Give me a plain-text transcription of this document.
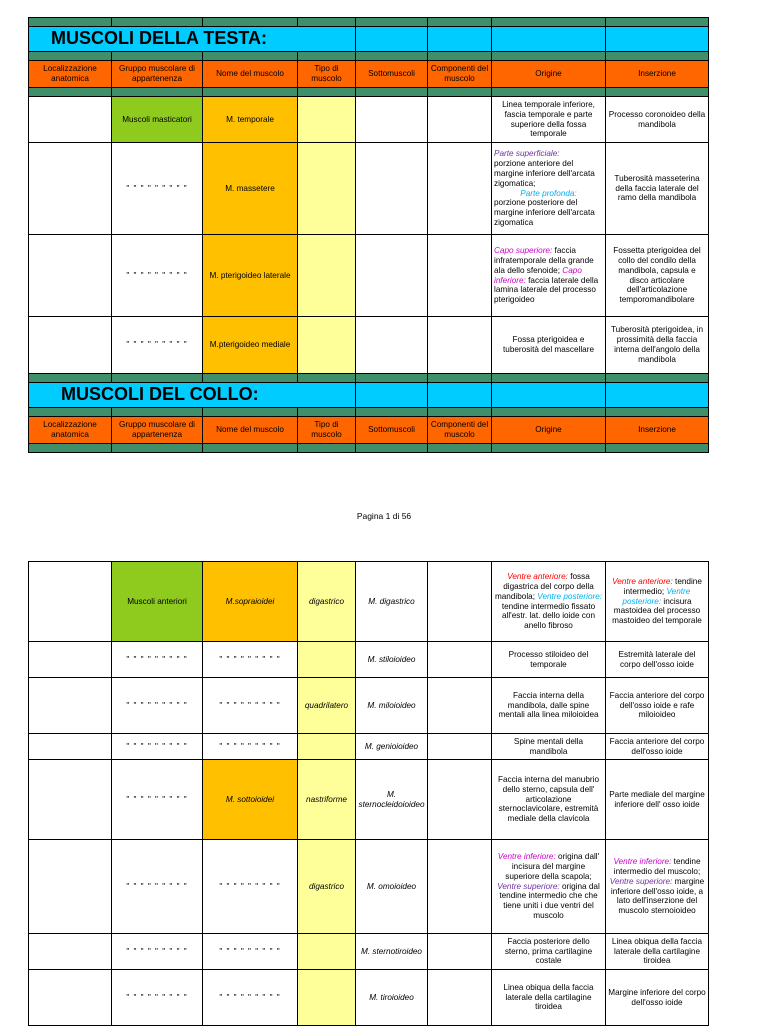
MUSCOLI DELLA TESTA:							

Localizzazione anatomica	Gruppo muscolare di appartenenza	Nome del muscolo	Tipo di muscolo	Sottomuscoli	Componenti del muscolo	Origine	Inserzione

	Muscoli masticatori	M. temporale				Linea temporale inferiore, fascia temporale e parte superiore della fossa temporale	Processo coronoideo della mandibola
	" " " " " " " " "	M. massetere				Parte superficiale:
porzione anteriore del margine inferiore dell'arcata zigomatica;

Parte profonda:
porzione posteriore del margine inferiore dell'arcata zigomatica	Tuberosità masseterina della faccia laterale del ramo della mandibola
	" " " " " " " " "	M. pterigoideo laterale				Capo superiore: faccia infratemporale della grande ala dello sfenoide; Capo inferiore: faccia laterale della lamina laterale del processo pterigoideo	Fossetta pterigoidea del collo del condilo della mandibola, capsula e disco articolare dell'articolazione temporomandibolare
	" " " " " " " " "	M.pterigoideo mediale				Fossa pterigoidea e tuberosità del mascellare	Tuberosità pterigoidea, in prossimità della faccia interna dell'angolo della mandibola

MUSCOLI DEL COLLO:							

Localizzazione anatomica	Gruppo muscolare di appartenenza	Nome del muscolo	Tipo di muscolo	Sottomuscoli	Componenti del muscolo	Origine	Inserzione

Pagina 1 di 56
	Muscoli anteriori	M.sopraioidei	digastrico	M. digastrico		Ventre anteriore: fossa digastrica del corpo della mandibola; Ventre posteriore: tendine intermedio fissato all'estr. lat. dello ioide con anello fibroso	Ventre anteriore: tendine intermedio; Ventre posteriore: incisura mastoidea del processo mastoideo del temporale
	" " " " " " " " "	" " " " " " " " "		M. stiloioideo		Processo stiloideo del temporale	Estremità laterale del corpo dell'osso ioide
	" " " " " " " " "	" " " " " " " " "	quadrilatero	M. miloioideo		Faccia interna della mandibola, dalle spine mentali alla linea miloioidea	Faccia anteriore del corpo dell'osso ioide e rafe miloioideo
	" " " " " " " " "	" " " " " " " " "		M. genioioideo		Spine mentali della mandibola	Faccia anteriore del corpo dell'osso ioide
	" " " " " " " " "	M. sottoioidei	nastriforme	M. sternocleidoioideo		Faccia interna del manubrio dello sterno, capsula dell' articolazione sternoclavicolare, estremità mediale della clavicola	Parte mediale del margine inferiore dell' osso ioide
	" " " " " " " " "	" " " " " " " " "	digastrico	M. omoioideo		Ventre inferiore: origina dall' incisura del margine superiore della scapola; Ventre superiore: origina dal tendine intermedio che che tiene uniti i due ventri del muscolo	Ventre inferiore: tendine intermedio del muscolo; Ventre superiore: margine inferiore dell'osso ioide, a lato dell'inserzione del muscolo sternoioideo
	" " " " " " " " "	" " " " " " " " "		M. sternotiroideo		Faccia posteriore dello sterno, prima cartilagine costale	Linea obiqua della faccia laterale della cartilagine tiroidea
	" " " " " " " " "	" " " " " " " " "		M. tiroioideo		Linea obiqua della faccia laterale della cartilagine tiroidea	Margine inferiore del corpo dell'osso ioide
